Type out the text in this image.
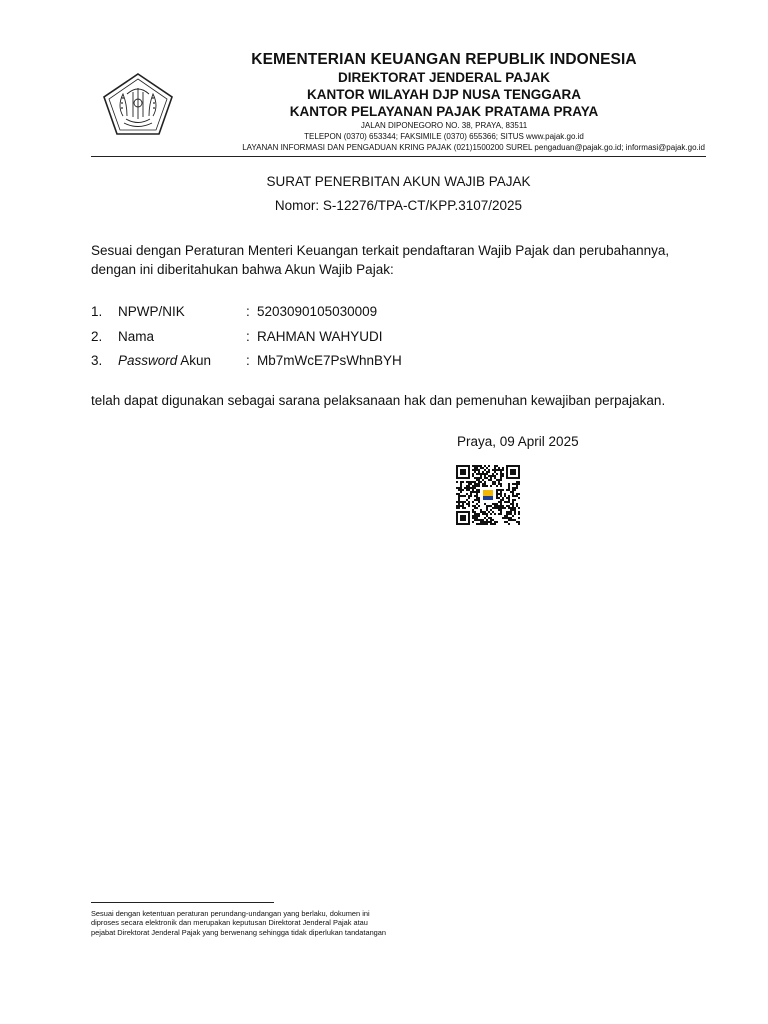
KEMENTERIAN KEUANGAN REPUBLIK INDONESIA
DIREKTORAT JENDERAL PAJAK
KANTOR WILAYAH DJP NUSA TENGGARA
KANTOR PELAYANAN PAJAK PRATAMA PRAYA
JALAN DIPONEGORO NO. 38, PRAYA, 83511
TELEPON (0370) 653344; FAKSIMILE (0370) 655366; SITUS www.pajak.go.id
LAYANAN INFORMASI DAN PENGADUAN KRING PAJAK (021)1500200 SUREL pengaduan@pajak.go.id; informasi@pajak.go.id
SURAT PENERBITAN AKUN WAJIB PAJAK
Nomor: S-12276/TPA-CT/KPP.3107/2025
Sesuai dengan Peraturan Menteri Keuangan terkait pendaftaran Wajib Pajak dan perubahannya,
dengan ini diberitahukan bahwa Akun Wajib Pajak:
1. NPWP/NIK	: 5203090105030009
2. Nama	: RAHMAN WAHYUDI
3. Password Akun	: Mb7mWcE7PsWhnBYH
telah dapat digunakan sebagai sarana pelaksanaan hak dan pemenuhan kewajiban perpajakan.
Praya, 09 April 2025
Sesuai dengan ketentuan peraturan perundang-undangan yang berlaku, dokumen ini
diproses secara elektronik dan merupakan keputusan Direktorat Jenderal Pajak atau
pejabat Direktorat Jenderal Pajak yang berwenang sehingga tidak diperlukan tandatangan
